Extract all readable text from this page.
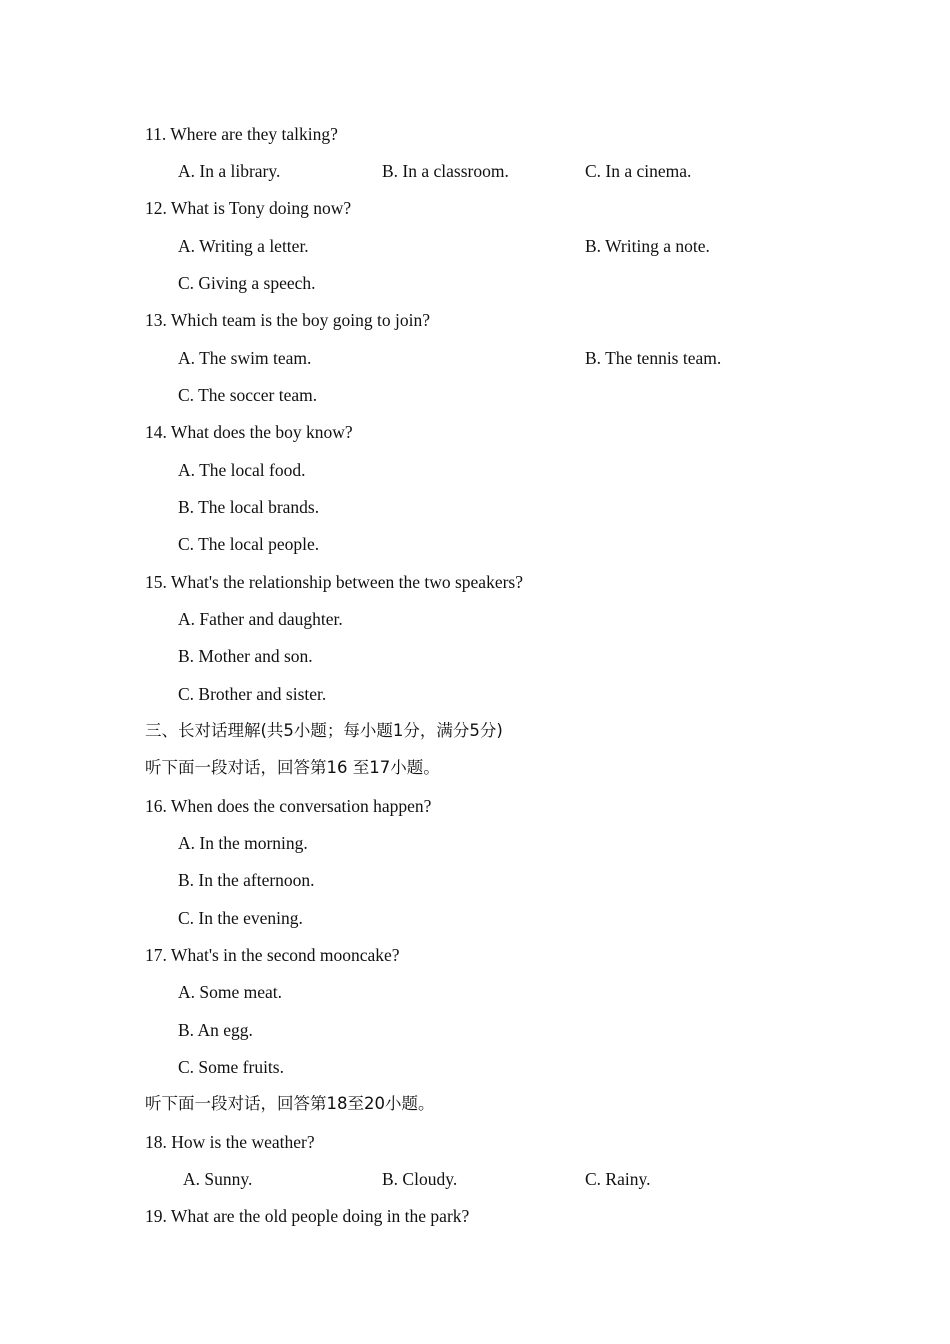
11. Where are they talking?
A. In a library.	B. In a classroom.	C. In a cinema.
12. What is Tony doing now?
A. Writing a letter.	B. Writing a note.
C. Giving a speech.
13. Which team is the boy going to join?
A. The swim team.	B. The tennis team.
C. The soccer team.
14. What does the boy know?
A. The local food.
B. The local brands.
C. The local people.
15. What's the relationship between the two speakers?
A. Father and daughter.
B. Mother and son.
C. Brother and sister.
三、长对话理解(共5小题；每小题1分，满分5分)
听下面一段对话，回答第16 至17小题。
16. When does the conversation happen?
A. In the morning.
B. In the afternoon.
C. In the evening.
17. What's in the second mooncake?
A. Some meat.
B. An egg.
C. Some fruits.
听下面一段对话，回答第18至20小题。
18. How is the weather?
A. Sunny.	B. Cloudy.	C. Rainy.
19. What are the old people doing in the park?
